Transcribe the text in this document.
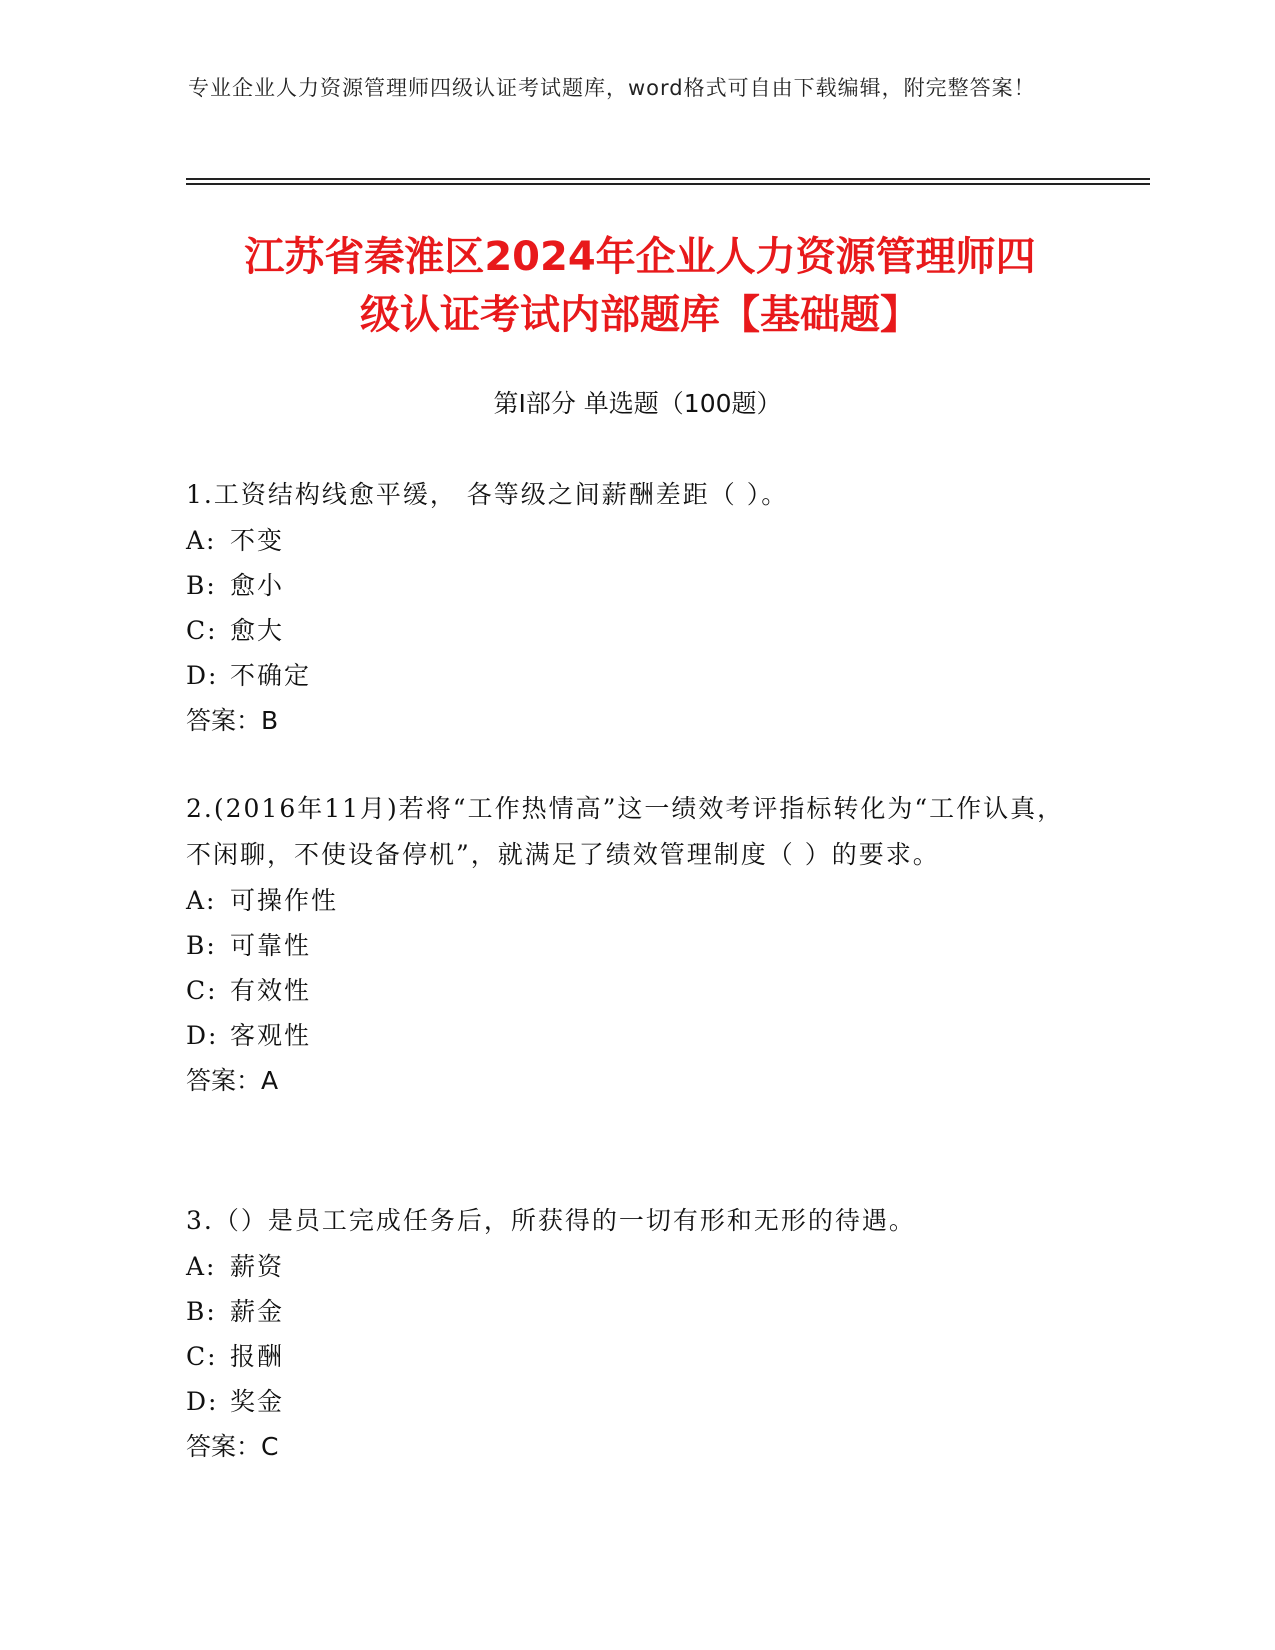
专业企业人力资源管理师四级认证考试题库，word格式可自由下载编辑，附完整答案！
江苏省秦淮区2024年企业人力资源管理师四
级认证考试内部题库【基础题】
第Ⅰ部分 单选题（100题）

1.工资结构线愈平缓， 各等级之间薪酬差距（ ）。

A: 不变

B: 愈小

C: 愈大

D: 不确定

答案：B

2.(2016年11月)若将“工作热情高”这一绩效考评指标转化为“工作认真，不闲聊，不使设备停机”，就满足了绩效管理制度（ ）的要求。

A: 可操作性

B: 可靠性

C: 有效性

D: 客观性

答案：A

3.（）是员工完成任务后，所获得的一切有形和无形的待遇。

A: 薪资

B: 薪金

C: 报酬

D: 奖金

答案：C
